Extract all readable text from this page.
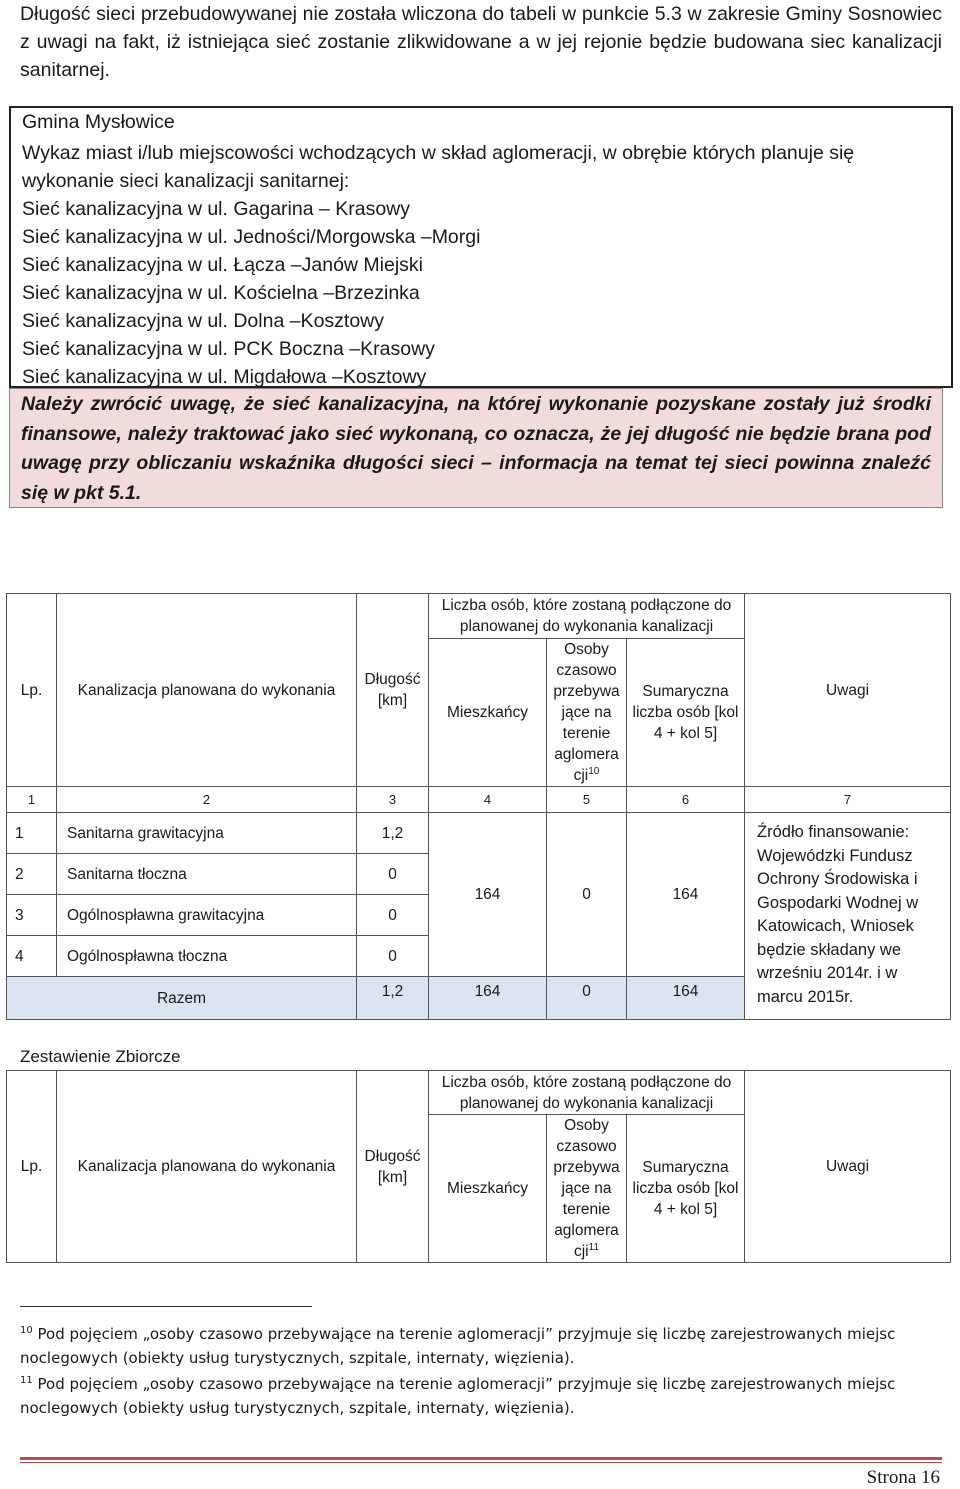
Długość sieci przebudowywanej nie została wliczona do tabeli w punkcie 5.3 w zakresie Gminy Sosnowiec z uwagi na fakt, iż istniejąca sieć zostanie zlikwidowane a w jej rejonie będzie budowana siec kanalizacji sanitarnej.
Gmina Mysłowice
Wykaz miast i/lub miejscowości wchodzących w skład aglomeracji, w obrębie których planuje się
wykonanie sieci kanalizacji sanitarnej:
Sieć kanalizacyjna w ul. Gagarina – Krasowy
Sieć kanalizacyjna w ul. Jedności/Morgowska –Morgi
Sieć kanalizacyjna w ul. Łącza –Janów Miejski
Sieć kanalizacyjna w ul. Kościelna –Brzezinka
Sieć kanalizacyjna w ul. Dolna –Kosztowy
Sieć kanalizacyjna w ul. PCK Boczna –Krasowy
Sieć kanalizacyjna w ul. Migdałowa –Kosztowy
Należy zwrócić uwagę, że sieć kanalizacyjna, na której wykonanie pozyskane zostały już środki finansowe, należy traktować jako sieć wykonaną, co oznacza, że jej długość nie będzie brana pod uwagę przy obliczaniu wskaźnika długości sieci – informacja na temat tej sieci powinna znaleźć się w pkt 5.1.
Lp.	Kanalizacja planowana do wykonania	Długość [km]	Liczba osób, które zostaną podłączone do planowanej do wykonania kanalizacji			Uwagi
			Mieszkańcy	Osoby czasowo przebywa jące na terenie aglomera cji$^{10}$	Sumaryczna liczba osób [kol 4 + kol 5]	
1	2	3	4	5	6	7
1	Sanitarna grawitacyjna	1,2	164	0	164	Źródło finansowanie: Wojewódzki Fundusz Ochrony Środowiska i Gospodarki Wodnej w Katowicach, Wniosek będzie składany we wrześniu 2014r. i w marcu 2015r.
2	Sanitarna tłoczna	0				
3	Ogólnospławna grawitacyjna	0				
4	Ogólnospławna tłoczna	0				
Razem		1,2	164	0	164	
Zestawienie Zbiorcze
Lp.	Kanalizacja planowana do wykonania	Długość [km]	Liczba osób, które zostaną podłączone do planowanej do wykonania kanalizacji			Uwagi
			Mieszkańcy	Osoby czasowo przebywa jące na terenie aglomera cji$^{11}$	Sumaryczna liczba osób [kol 4 + kol 5]	
$^{10}$ Pod pojęciem „osoby czasowo przebywające na terenie aglomeracji” przyjmuje się liczbę zarejestrowanych miejsc noclegowych (obiekty usług turystycznych, szpitale, internaty, więzienia).
$^{11}$ Pod pojęciem „osoby czasowo przebywające na terenie aglomeracji” przyjmuje się liczbę zarejestrowanych miejsc noclegowych (obiekty usług turystycznych, szpitale, internaty, więzienia).
Strona 16
